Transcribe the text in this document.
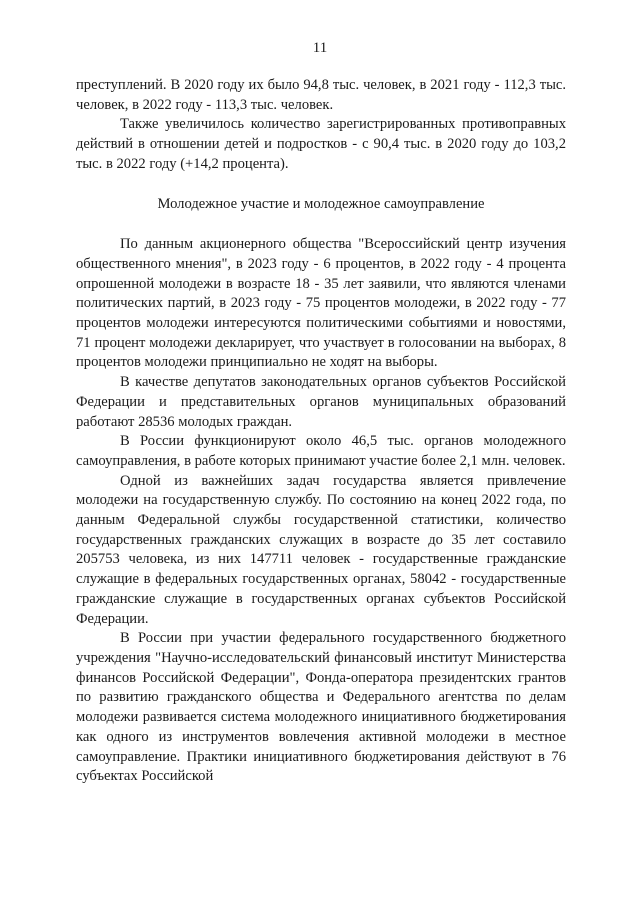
11

преступлений. В 2020 году их было 94,8 тыс. человек, в 2021 году - 112,3 тыс. человек, в 2022 году - 113,3 тыс. человек.

Также увеличилось количество зарегистрированных противоправных действий в отношении детей и подростков - с 90,4 тыс. в 2020 году до 103,2 тыс. в 2022 году (+14,2 процента).

Молодежное участие и молодежное самоуправление

По данным акционерного общества "Всероссийский центр изучения общественного мнения", в 2023 году - 6 процентов, в 2022 году - 4 процента опрошенной молодежи в возрасте 18 - 35 лет заявили, что являются членами политических партий, в 2023 году - 75 процентов молодежи, в 2022 году - 77 процентов молодежи интересуются политическими событиями и новостями, 71 процент молодежи декларирует, что участвует в голосовании на выборах, 8 процентов молодежи принципиально не ходят на выборы.

В качестве депутатов законодательных органов субъектов Российской Федерации и представительных органов муниципальных образований работают 28536 молодых граждан.

В России функционируют около 46,5 тыс. органов молодежного самоуправления, в работе которых принимают участие более 2,1 млн. человек.

Одной из важнейших задач государства является привлечение молодежи на государственную службу. По состоянию на конец 2022 года, по данным Федеральной службы государственной статистики, количество государственных гражданских служащих в возрасте до 35 лет составило 205753 человека, из них 147711 человек - государственные гражданские служащие в федеральных государственных органах, 58042 - государственные гражданские служащие в государственных органах субъектов Российской Федерации.

В России при участии федерального государственного бюджетного учреждения "Научно-исследовательский финансовый институт Министерства финансов Российской Федерации", Фонда-оператора президентских грантов по развитию гражданского общества и Федерального агентства по делам молодежи развивается система молодежного инициативного бюджетирования как одного из инструментов вовлечения активной молодежи в местное самоуправление. Практики инициативного бюджетирования действуют в 76 субъектах Российской
